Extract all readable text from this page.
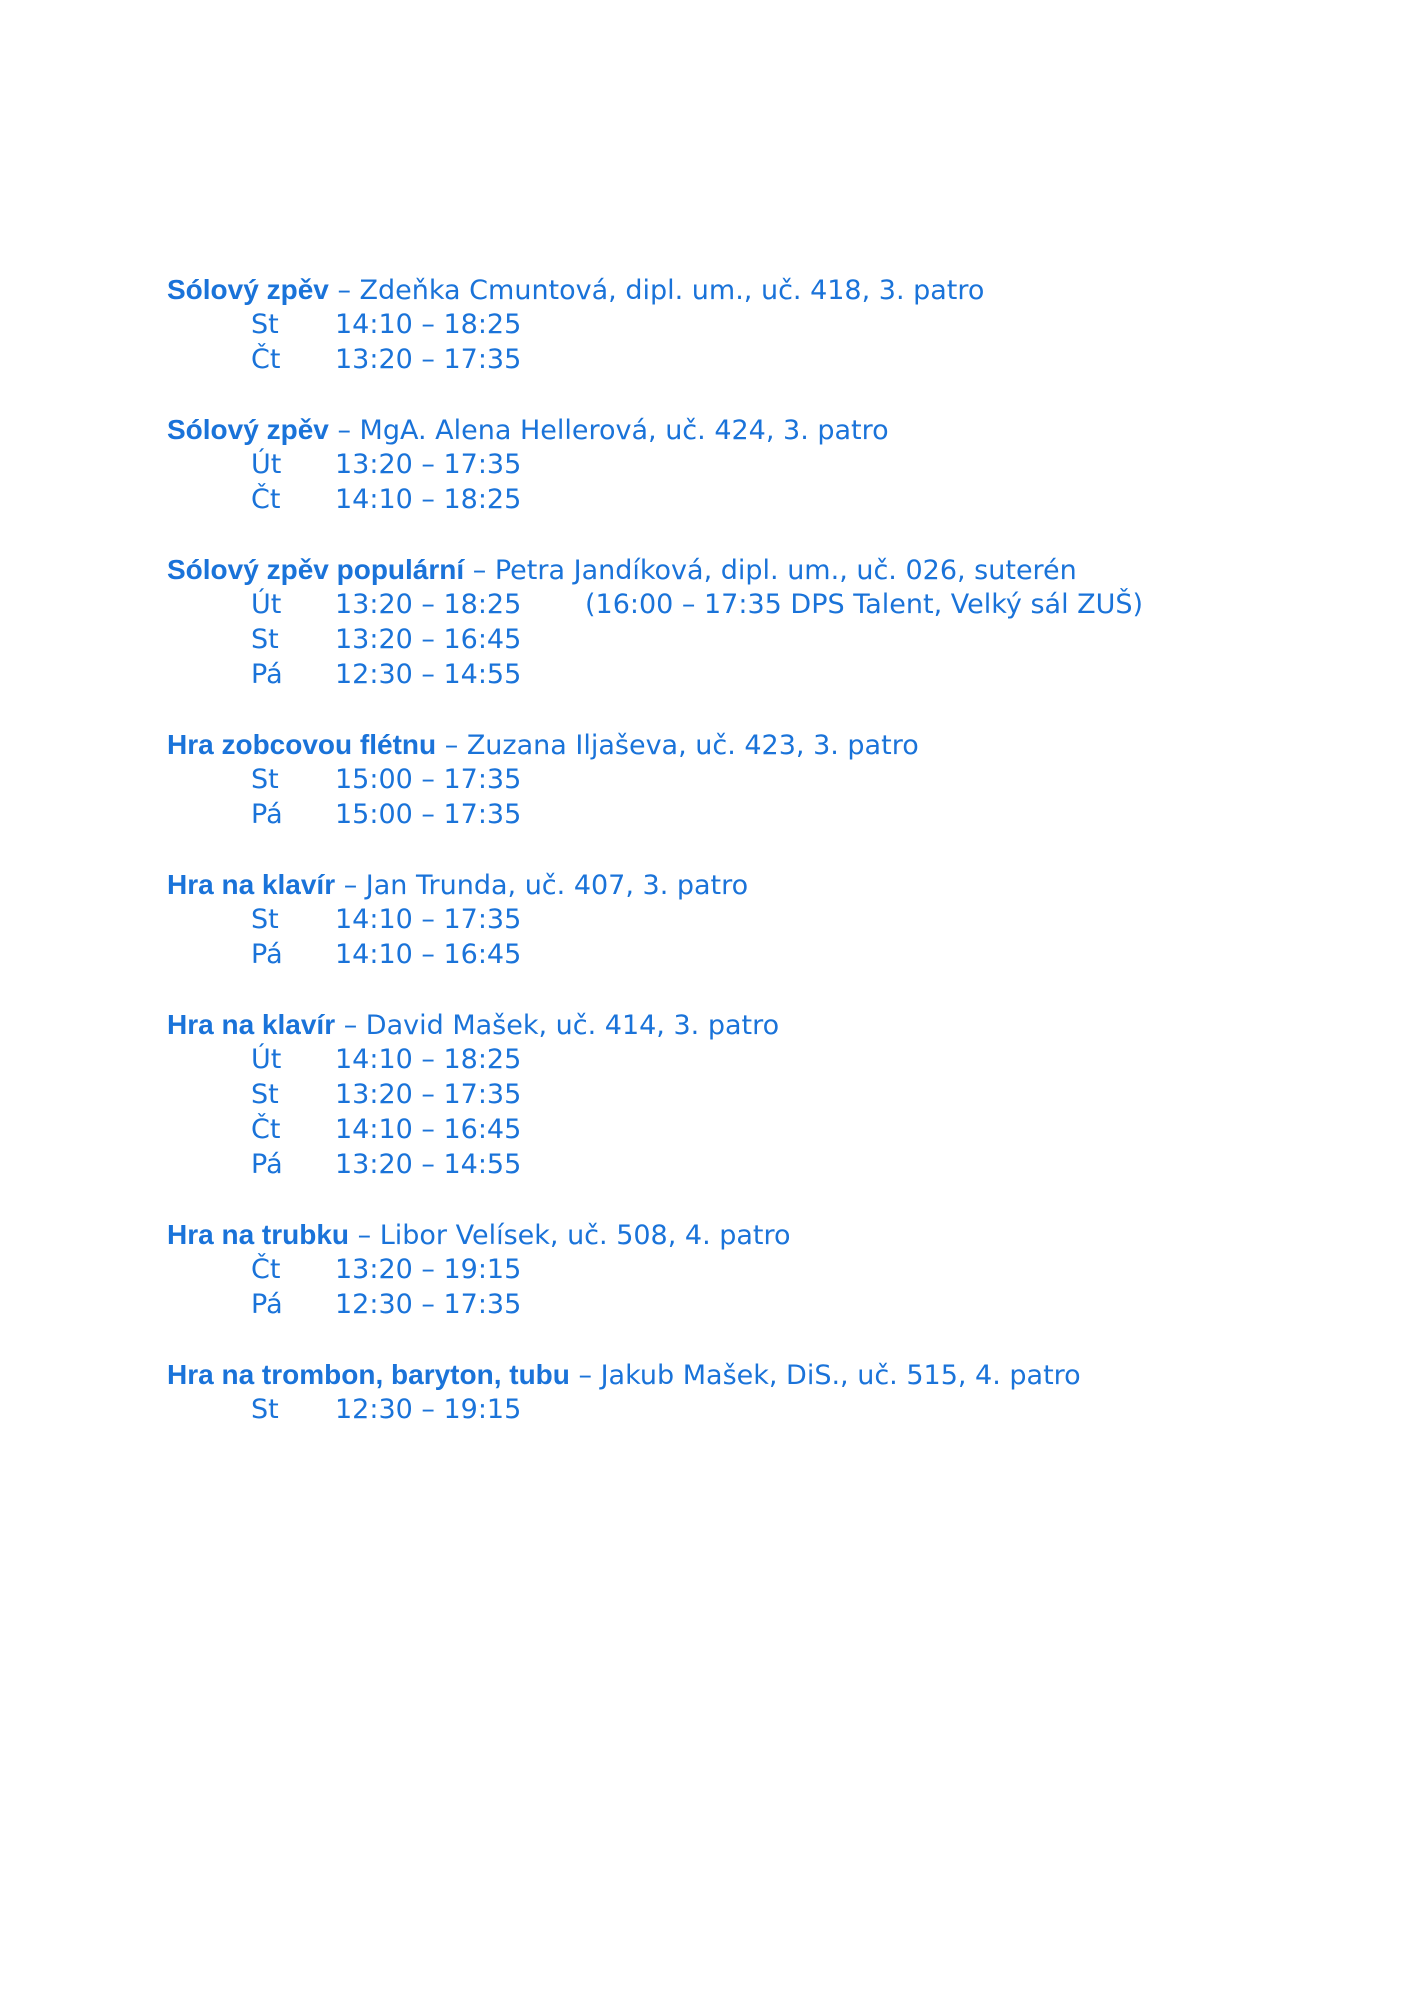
Sólový zpěv – Zdeňka Cmuntová, dipl. um., uč. 418, 3. patro
St	14:10 – 18:25
Čt	13:20 – 17:35
Sólový zpěv – MgA. Alena Hellerová, uč. 424, 3. patro
Út	13:20 – 17:35
Čt	14:10 – 18:25
Sólový zpěv populární – Petra Jandíková, dipl. um., uč. 026, suterén
Út	13:20 – 18:25	(16:00 – 17:35 DPS Talent, Velký sál ZUŠ)
St	13:20 – 16:45
Pá	12:30 – 14:55
Hra zobcovou flétnu – Zuzana Iljaševa, uč. 423, 3. patro
St	15:00 – 17:35
Pá	15:00 – 17:35
Hra na klavír – Jan Trunda, uč. 407, 3. patro
St	14:10 – 17:35
Pá	14:10 – 16:45
Hra na klavír – David Mašek, uč. 414, 3. patro
Út	14:10 – 18:25
St	13:20 – 17:35
Čt	14:10 – 16:45
Pá	13:20 – 14:55
Hra na trubku – Libor Velísek, uč. 508, 4. patro
Čt	13:20 – 19:15
Pá	12:30 – 17:35
Hra na trombon, baryton, tubu – Jakub Mašek, DiS., uč. 515, 4. patro
St	12:30 – 19:15
